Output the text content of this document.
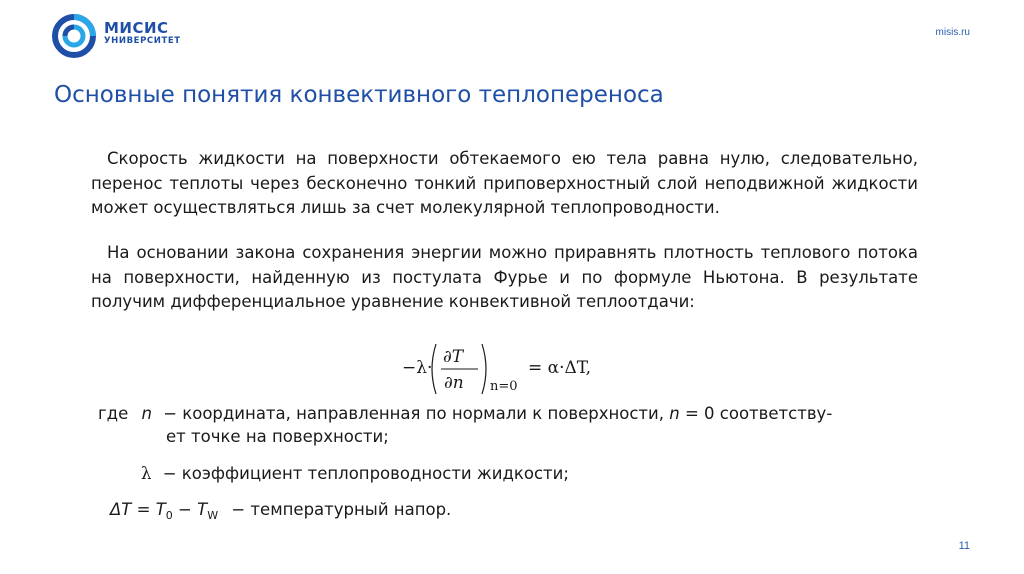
МИСИС
УНИВЕРСИТЕТ
misis.ru
Основные понятия конвективного теплопереноса

Скорость жидкости на поверхности обтекаемого ею тела равна нулю, следовательно, перенос теплоты через бесконечно тонкий приповерхностный слой неподвижной жидкости может осуществляться лишь за счет молекулярной теплопроводности.

На основании закона сохранения энергии можно приравнять плотность теплового потока на поверхности, найденную из постулата Фурье и по формуле Ньютона. В результате получим дифференциальное уравнение конвективной теплоотдачи:

−λ·
∂T
∂n n=0
= α·ΔT,
где n − координата, направленная по нормали к поверхности, n = 0 соответству-
ет точке на поверхности;
λ − коэффициент теплопроводности жидкости;
$\Delta T = T_0 - T_W$ − температурный напор.
11
